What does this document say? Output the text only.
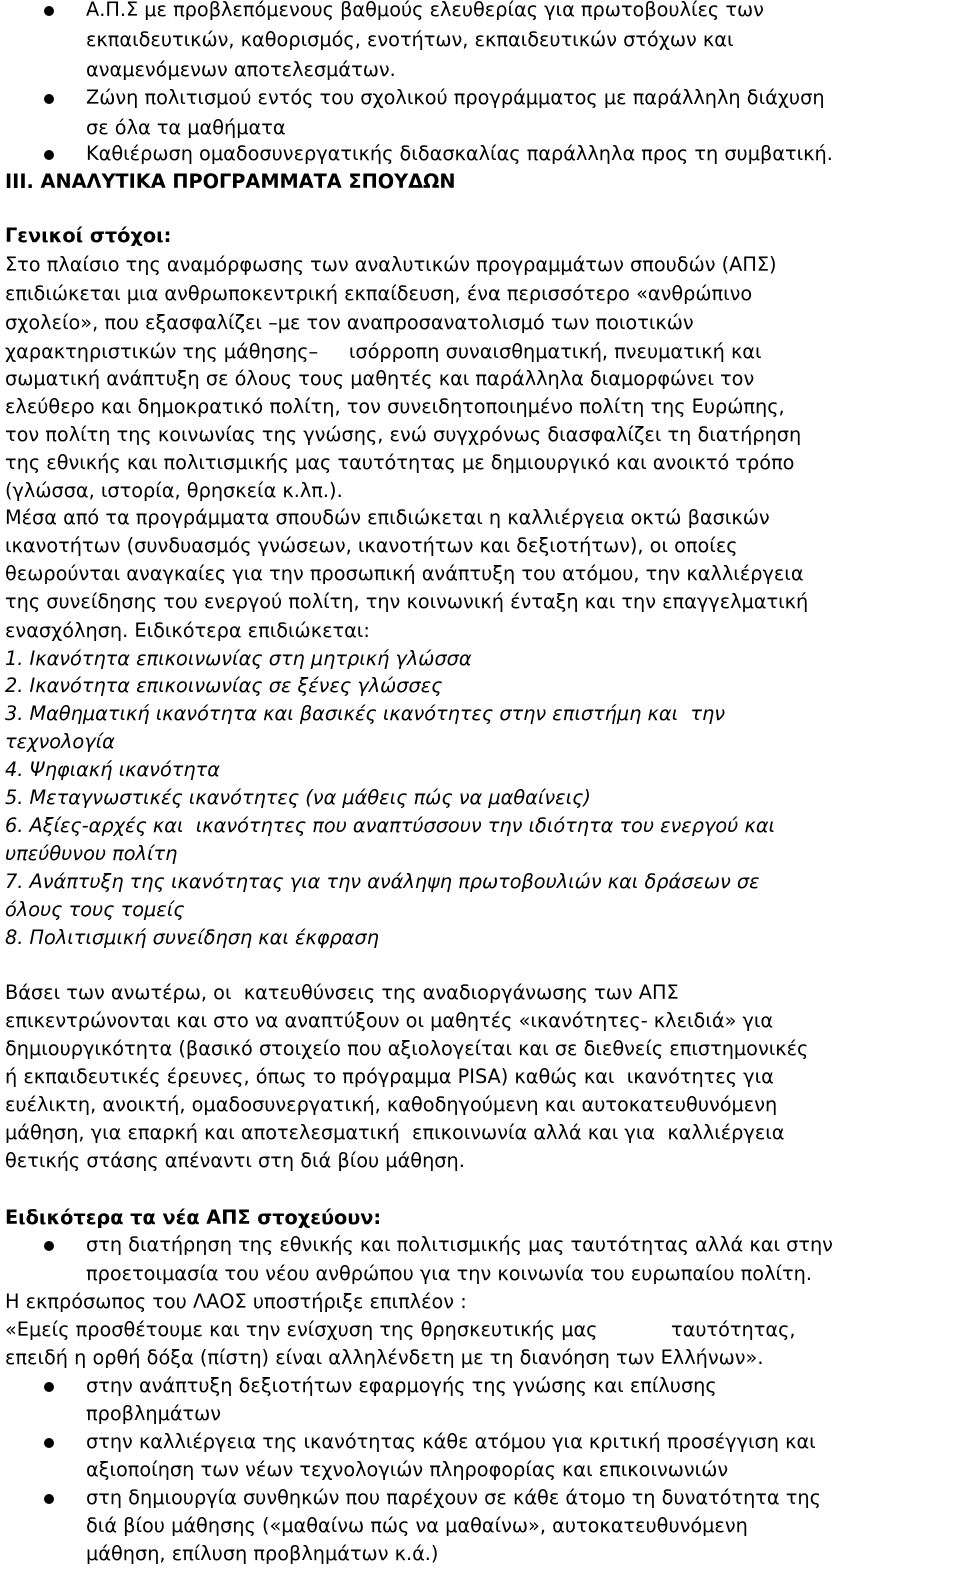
Α.Π.Σ με προβλεπόμενους βαθμούς ελευθερίας για πρωτοβουλίες των
εκπαιδευτικών, καθορισμός, ενοτήτων, εκπαιδευτικών στόχων και
αναμενόμενων αποτελεσμάτων.
Ζώνη πολιτισμού εντός του σχολικού προγράμματος με παράλληλη διάχυση
σε όλα τα μαθήματα
Καθιέρωση ομαδοσυνεργατικής διδασκαλίας παράλληλα προς τη συμβατική.
III. ΑΝΑΛΥΤΙΚΑ ΠΡΟΓΡΑΜΜΑΤΑ ΣΠΟΥΔΩΝ
Γενικοί στόχοι:
Στο πλαίσιο της αναμόρφωσης των αναλυτικών προγραμμάτων σπουδών (ΑΠΣ)
επιδιώκεται μια ανθρωποκεντρική εκπαίδευση, ένα περισσότερο «ανθρώπινο
σχολείο», που εξασφαλίζει –με τον αναπροσανατολισμό των ποιοτικών
χαρακτηριστικών της μάθησης–     ισόρροπη συναισθηματική, πνευματική και
σωματική ανάπτυξη σε όλους τους μαθητές και παράλληλα διαμορφώνει τον
ελεύθερο και δημοκρατικό πολίτη, τον συνειδητοποιημένο πολίτη της Ευρώπης,
τον πολίτη της κοινωνίας της γνώσης, ενώ συγχρόνως διασφαλίζει τη διατήρηση
της εθνικής και πολιτισμικής μας ταυτότητας με δημιουργικό και ανοικτό τρόπο
(γλώσσα, ιστορία, θρησκεία κ.λπ.).
Μέσα από τα προγράμματα σπουδών επιδιώκεται η καλλιέργεια οκτώ βασικών
ικανοτήτων (συνδυασμός γνώσεων, ικανοτήτων και δεξιοτήτων), οι οποίες
θεωρούνται αναγκαίες για την προσωπική ανάπτυξη του ατόμου, την καλλιέργεια
της συνείδησης του ενεργού πολίτη, την κοινωνική ένταξη και την επαγγελματική
ενασχόληση. Ειδικότερα επιδιώκεται:
1. Ικανότητα επικοινωνίας στη μητρική γλώσσα
2. Ικανότητα επικοινωνίας σε ξένες γλώσσες
3. Μαθηματική ικανότητα και βασικές ικανότητες στην επιστήμη και  την
τεχνολογία
4. Ψηφιακή ικανότητα
5. Μεταγνωστικές ικανότητες (να μάθεις πώς να μαθαίνεις)
6. Αξίες-αρχές και  ικανότητες που αναπτύσσουν την ιδιότητα του ενεργού και
υπεύθυνου πολίτη
7. Ανάπτυξη της ικανότητας για την ανάληψη πρωτοβουλιών και δράσεων σε
όλους τους τομείς
8. Πολιτισμική συνείδηση και έκφραση
Βάσει των ανωτέρω, οι  κατευθύνσεις της αναδιοργάνωσης των ΑΠΣ
επικεντρώνονται και στο να αναπτύξουν οι μαθητές «ικανότητες- κλειδιά» για
δημιουργικότητα (βασικό στοιχείο που αξιολογείται και σε διεθνείς επιστημονικές
ή εκπαιδευτικές έρευνες, όπως το πρόγραμμα PISA) καθώς και  ικανότητες για
ευέλικτη, ανοικτή, ομαδοσυνεργατική, καθοδηγούμενη και αυτοκατευθυνόμενη
μάθηση, για επαρκή και αποτελεσματική  επικοινωνία αλλά και για  καλλιέργεια
θετικής στάσης απέναντι στη διά βίου μάθηση.
Ειδικότερα τα νέα ΑΠΣ στοχεύουν:
στη διατήρηση της εθνικής και πολιτισμικής μας ταυτότητας αλλά και στην
προετοιμασία του νέου ανθρώπου για την κοινωνία του ευρωπαίου πολίτη.
Η εκπρόσωπος του ΛΑΟΣ υποστήριξε επιπλέον :
«Εμείς προσθέτουμε και την ενίσχυση της θρησκευτικής μας            ταυτότητας,
επειδή η ορθή δόξα (πίστη) είναι αλληλένδετη με τη διανόηση των Ελλήνων».
στην ανάπτυξη δεξιοτήτων εφαρμογής της γνώσης και επίλυσης
προβλημάτων
στην καλλιέργεια της ικανότητας κάθε ατόμου για κριτική προσέγγιση και
αξιοποίηση των νέων τεχνολογιών πληροφορίας και επικοινωνιών
στη δημιουργία συνθηκών που παρέχουν σε κάθε άτομο τη δυνατότητα της
διά βίου μάθησης («μαθαίνω πώς να μαθαίνω», αυτοκατευθυνόμενη
μάθηση, επίλυση προβλημάτων κ.ά.)
